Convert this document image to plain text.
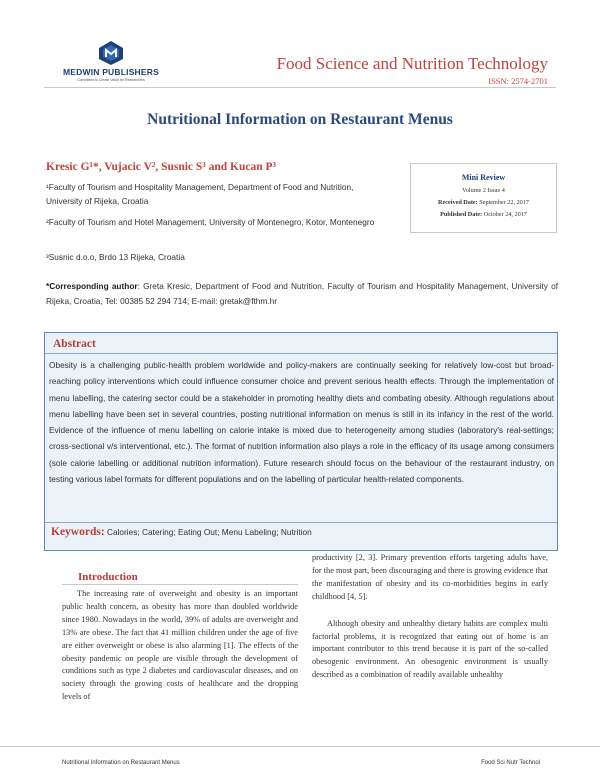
MEDWIN PUBLISHERS
Committed to Create Value for Researchers
Food Science and Nutrition Technology
ISSN: 2574-2701
Nutritional Information on Restaurant Menus
Kresic G¹*, Vujacic V², Susnic S³ and Kucan P³
¹Faculty of Tourism and Hospitality Management, Department of Food and Nutrition, University of Rijeka, Croatia
²Faculty of Tourism and Hotel Management, University of Montenegro, Kotor, Montenegro
³Susnic d.o.o, Brdo 13 Rijeka, Croatia
Mini Review
Volume 2 Issue 4
Received Date: September 22, 2017
Published Date: October 24, 2017
*Corresponding author: Greta Kresic, Department of Food and Nutrition, Faculty of Tourism and Hospitality Management, University of Rijeka, Croatia, Tel: 00385 52 294 714; E-mail: gretak@fthm.hr
Abstract
Obesity is a challenging public-health problem worldwide and policy-makers are continually seeking for relatively low-cost but broad-reaching policy interventions which could influence consumer choice and prevent serious health effects. Through the implementation of menu labelling, the catering sector could be a stakeholder in promoting healthy diets and combating obesity. Although regulations about menu labelling have been set in several countries, posting nutritional information on menus is still in its infancy in the rest of the world. Evidence of the influence of menu labelling on calorie intake is mixed due to heterogeneity among studies (laboratory's real-settings; cross-sectional v/s interventional, etc.). The format of nutrition information also plays a role in the efficacy of its usage among consumers (sole calorie labelling or additional nutrition information). Future research should focus on the behaviour of the restaurant industry, on testing various label formats for different populations and on the labelling of particular health-related components.
Keywords: Calories; Catering; Eating Out; Menu Labeling; Nutrition
Introduction

The increasing rate of overweight and obesity is an important public health concern, as obesity has more than doubled worldwide since 1980. Nowadays in the world, 39% of adults are overweight and 13% are obese. The fact that 41 million children under the age of five are either overweight or obese is also alarming [1]. The effects of the obesity pandemic on people are visible through the development of conditions such as type 2 diabetes and cardiovascular diseases, and on society through the growing costs of healthcare and the dropping levels of

productivity [2, 3]. Primary prevention efforts targeting adults have, for the most part, been discouraging and there is growing evidence that the manifestation of obesity and its co-morbidities begins in early childhood [4, 5].

Although obesity and unhealthy dietary habits are complex multi factorial problems, it is recognized that eating out of home is an important contributor to this trend because it is part of the so-called obesogenic environment. An obesogenic environment is usually described as a combination of readily available unhealthy

Nutritional Information on Restaurant Menus	Food Sci Nutr Technol
